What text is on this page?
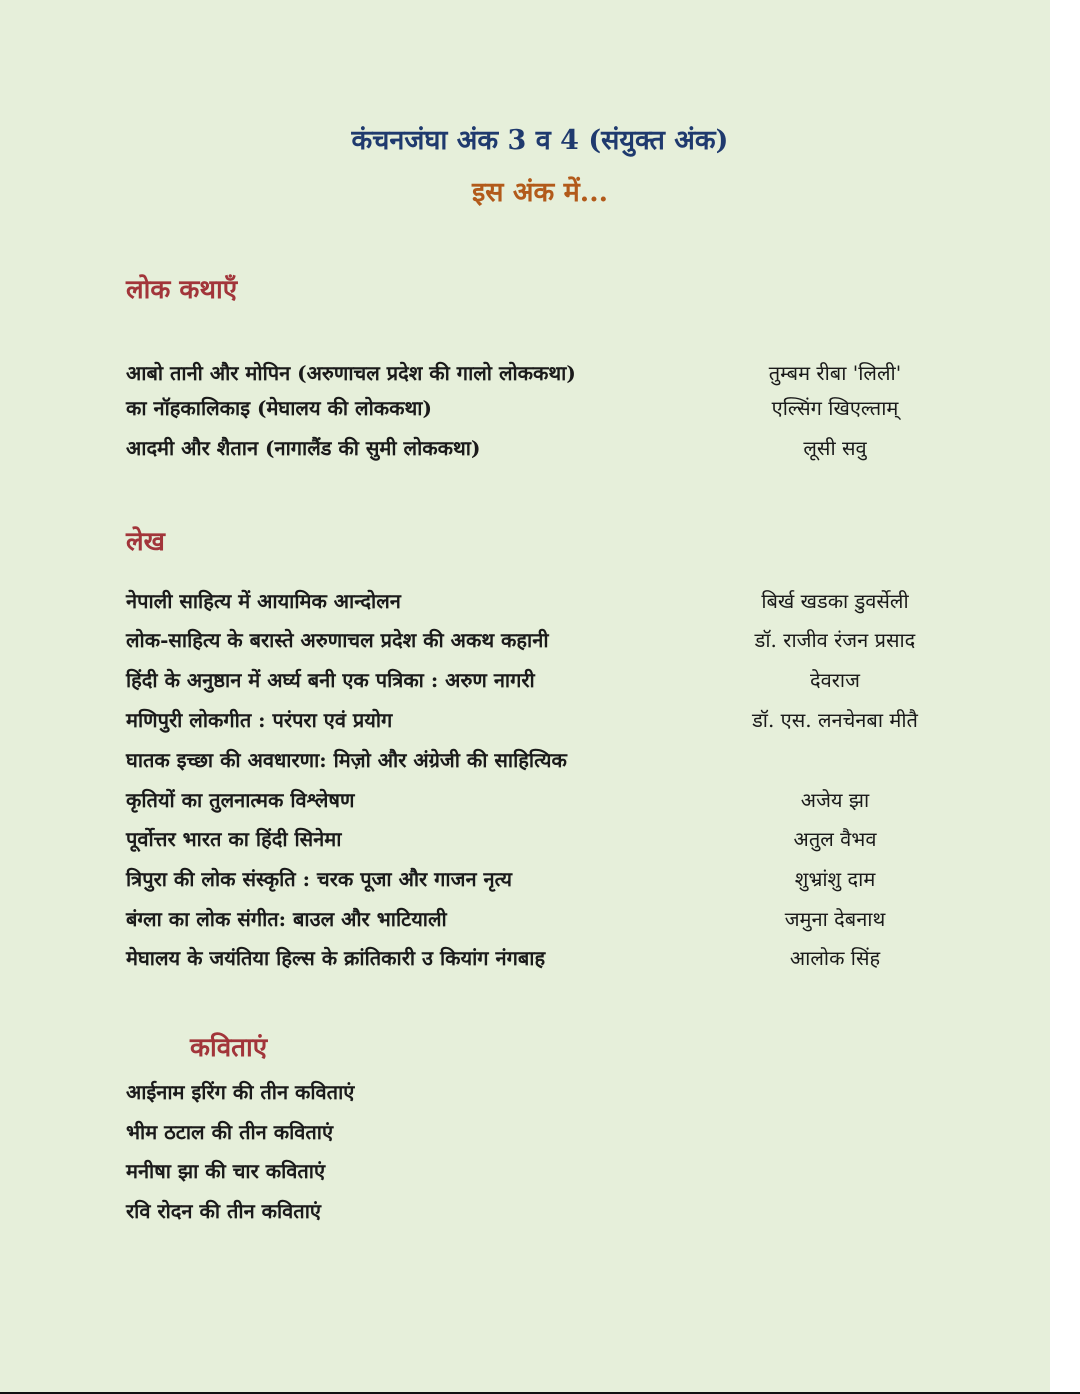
कंचनजंघा अंक 3 व 4 (संयुक्त अंक)
इस अंक में...
लोक कथाएँ
आबो तानी और मोपिन (अरुणाचल प्रदेश की गालो लोककथा)	तुम्बम रीबा 'लिली'
का नॉहकालिकाइ (मेघालय की लोककथा)	एल्सिंग खिएल्ताम्
आदमी और शैतान (नागालैंड की सुमी लोककथा)	लूसी सवु
लेख
नेपाली साहित्य में आयामिक आन्दोलन	बिर्ख खडका डुवर्सेली
लोक-साहित्य के बरास्ते अरुणाचल प्रदेश की अकथ कहानी	डॉ. राजीव रंजन प्रसाद
हिंदी के अनुष्ठान में अर्घ्य बनी एक पत्रिका : अरुण नागरी	देवराज
मणिपुरी लोकगीत : परंपरा एवं प्रयोग	डॉ. एस. लनचेनबा मीतै
घातक इच्छा की अवधारणा: मिज़ो और अंग्रेजी की साहित्यिक
कृतियों का तुलनात्मक विश्लेषण	अजेय झा
पूर्वोत्तर भारत का हिंदी सिनेमा	अतुल वैभव
त्रिपुरा की लोक संस्कृति : चरक पूजा और गाजन नृत्य	शुभ्रांशु दाम
बंग्ला का लोक संगीत: बाउल और भाटियाली	जमुना देबनाथ
मेघालय के जयंतिया हिल्स के क्रांतिकारी उ कियांग नंगबाह	आलोक सिंह
कविताएं
आईनाम इरिंग की तीन कविताएं
भीम ठटाल की तीन कविताएं
मनीषा झा की चार कविताएं
रवि रोदन की तीन कविताएं
